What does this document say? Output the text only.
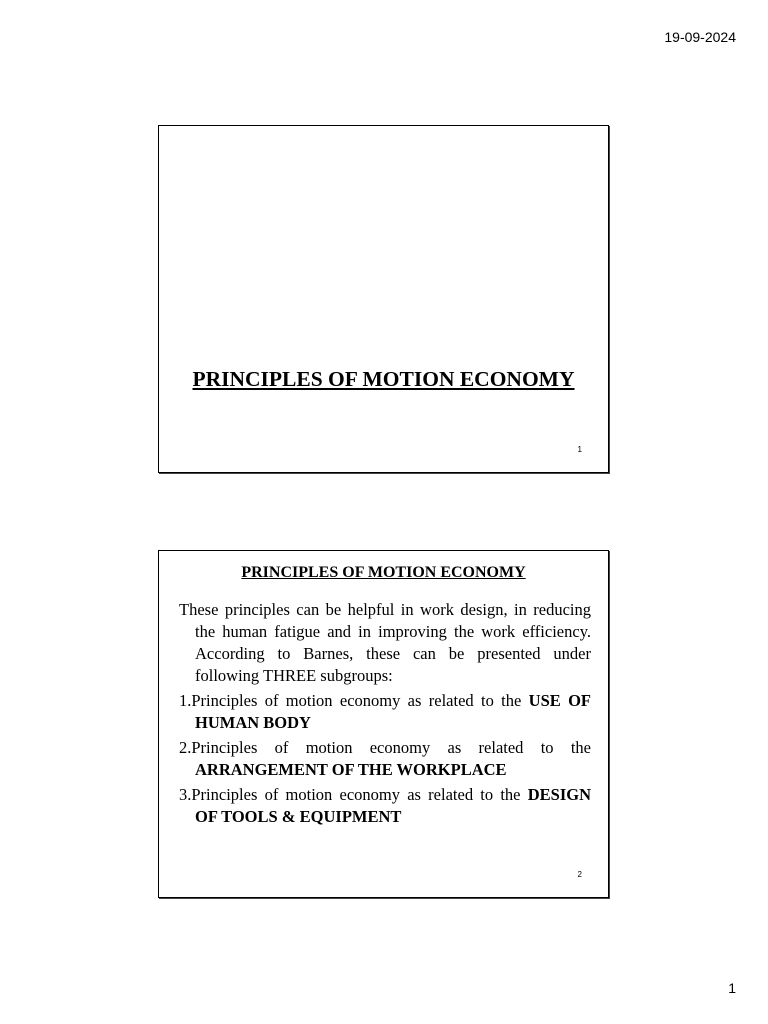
19-09-2024
PRINCIPLES OF MOTION ECONOMY
1
PRINCIPLES OF MOTION ECONOMY

These principles can be helpful in work design, in reducing the human fatigue and in improving the work efficiency. According to Barnes, these can be presented under following THREE subgroups:

1.Principles of motion economy as related to the USE OF HUMAN BODY

2.Principles of motion economy as related to the ARRANGEMENT OF THE WORKPLACE

3.Principles of motion economy as related to the DESIGN OF TOOLS & EQUIPMENT

2
1
